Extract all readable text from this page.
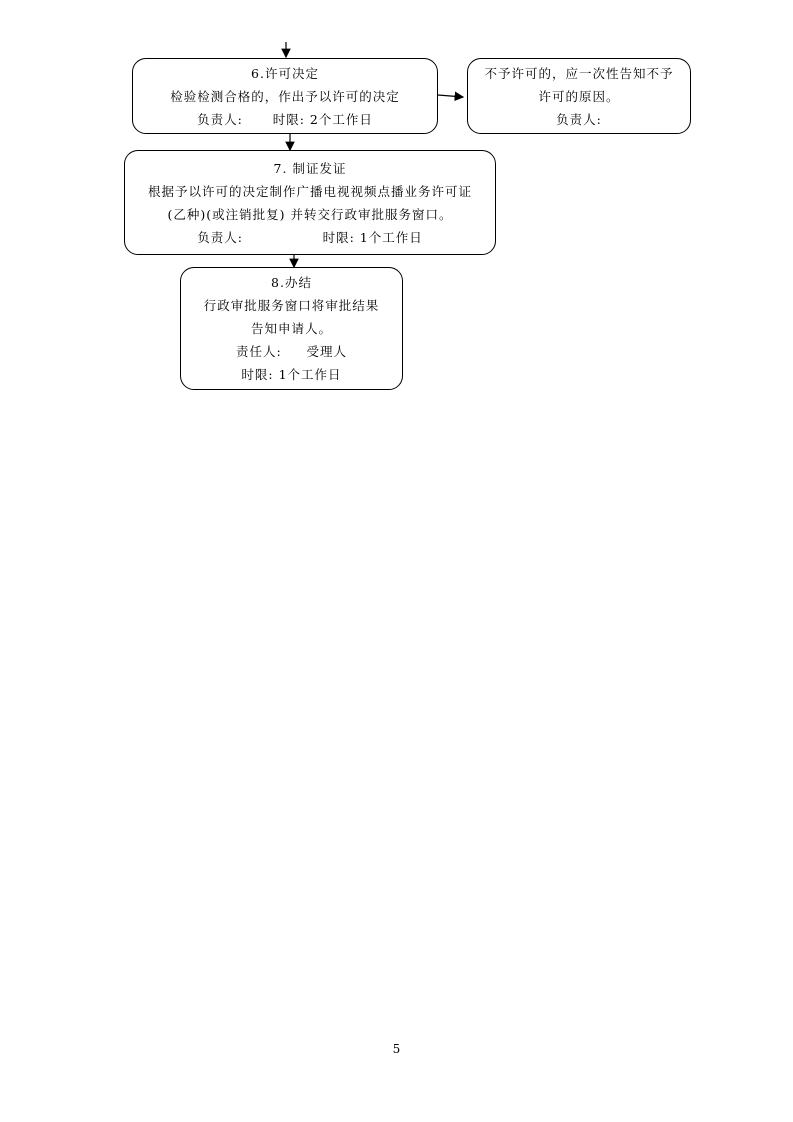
6.许可决定
检验检测合格的，作出予以许可的决定
负责人:      时限: 2个工作日
不予许可的，应一次性告知不予
许可的原因。
负责人:
7. 制证发证
根据予以许可的决定制作广播电视视频点播业务许可证
(乙种)(或注销批复) 并转交行政审批服务窗口。
负责人:                时限: 1个工作日
8.办结
行政审批服务窗口将审批结果
告知申请人。
责任人:     受理人
时限: 1个工作日
5
